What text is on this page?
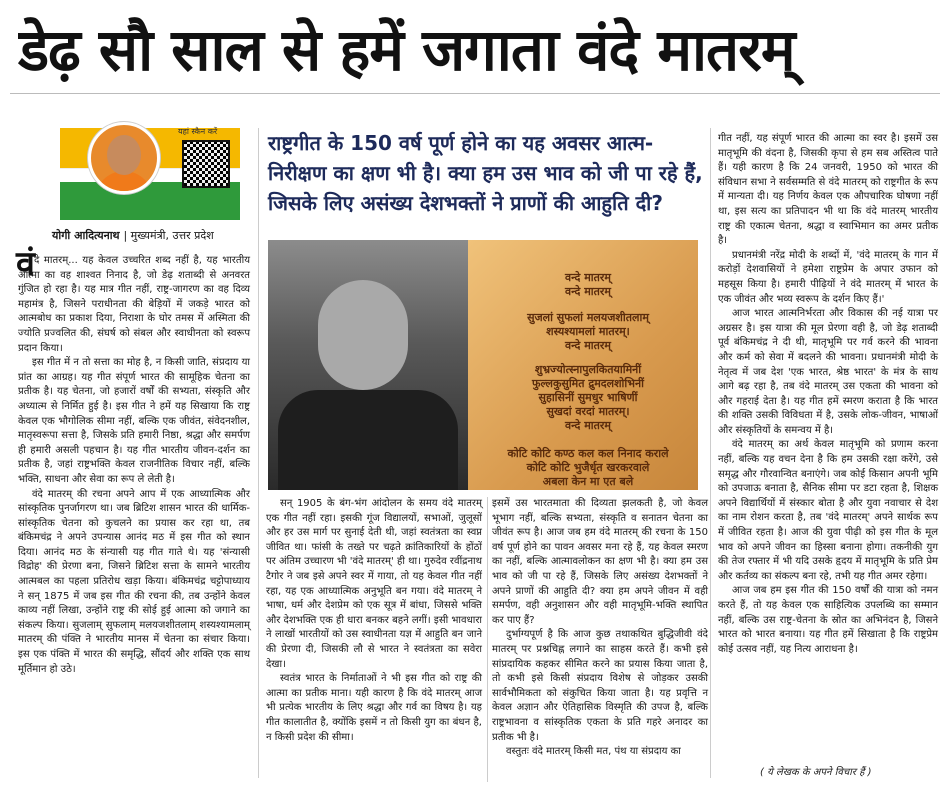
डेढ़ सौ साल से हमें जगाता वंदे मातरम्
यहां स्कैन करें
योगी आदित्यनाथ | मुख्यमंत्री, उत्तर प्रदेश
राष्ट्रगीत के 150 वर्ष पूर्ण होने का यह अवसर आत्म-निरीक्षण का क्षण भी है। क्या हम उस भाव को जी पा रहे हैं, जिसके लिए असंख्य देशभक्तों ने प्राणों की आहुति दी?
वन्दे मातरम्
वन्दे मातरम्
सुजलां सुफलां मलयजशीतलाम्
शस्यश्यामलां मातरम्।
वन्दे मातरम्
शुभ्रज्योत्स्नापुलकितयामिनीं
फुल्लकुसुमित द्रुमदलशोभिनीं
सुहासिनीं सुमधुर भाषिणीं
सुखदां वरदां मातरम्।
वन्दे मातरम्
कोटि कोटि कण्ठ कल कल निनाद कराले
कोटि कोटि भुजैर्धृत खरकरवाले
अबला केन मा एत बले
वं दे मातरम्... यह केवल उच्चरित शब्द नहीं है, यह भारतीय आत्मा का वह शाश्वत निनाद है, जो डेढ़ शताब्दी से अनवरत गुंजित हो रहा है। यह मात्र गीत नहीं, राष्ट्र-जागरण का वह दिव्य महामंत्र है, जिसने पराधीनता की बेड़ियों में जकड़े भारत को आत्मबोध का प्रकाश दिया, निराशा के घोर तमस में अस्मिता की ज्योति प्रज्वलित की, संघर्ष को संबल और स्वाधीनता को स्वरूप प्रदान किया।

इस गीत में न तो सत्ता का मोह है, न किसी जाति, संप्रदाय या प्रांत का आग्रह। यह गीत संपूर्ण भारत की सामूहिक चेतना का प्रतीक है। यह चेतना, जो हजारों वर्षों की सभ्यता, संस्कृति और अध्यात्म से निर्मित हुई है। इस गीत ने हमें यह सिखाया कि राष्ट्र केवल एक भौगोलिक सीमा नहीं, बल्कि एक जीवंत, संवेदनशील, मातृस्वरूपा सत्ता है, जिसके प्रति हमारी निष्ठा, श्रद्धा और समर्पण ही हमारी असली पहचान है। यह गीत भारतीय जीवन-दर्शन का प्रतीक है, जहां राष्ट्रभक्ति केवल राजनीतिक विचार नहीं, बल्कि भक्ति, साधना और सेवा का रूप ले लेती है।

वंदे मातरम् की रचना अपने आप में एक आध्यात्मिक और सांस्कृतिक पुनर्जागरण था। जब ब्रिटिश शासन भारत की धार्मिक-सांस्कृतिक चेतना को कुचलने का प्रयास कर रहा था, तब बंकिमचंद्र ने अपने उपन्यास आनंद मठ में इस गीत को स्थान दिया। आनंद मठ के संन्यासी यह गीत गाते थे। यह 'संन्यासी विद्रोह' की प्रेरणा बना, जिसने ब्रिटिश सत्ता के सामने भारतीय आत्मबल का पहला प्रतिरोध खड़ा किया। बंकिमचंद्र चट्टोपाध्याय ने सन् 1875 में जब इस गीत की रचना की, तब उन्होंने केवल काव्य नहीं लिखा, उन्होंने राष्ट्र की सोई हुई आत्मा को जगाने का संकल्प किया। सुजलाम् सुफलाम् मलयजशीतलाम् शस्यश्यामलाम् मातरम् की पंक्ति ने भारतीय मानस में चेतना का संचार किया। इस एक पंक्ति में भारत की समृद्धि, सौंदर्य और शक्ति एक साथ मूर्तिमान हो उठे।

सन् 1905 के बंग-भंग आंदोलन के समय वंदे मातरम् एक गीत नहीं रहा। इसकी गूंज विद्यालयों, सभाओं, जुलूसों और हर उस मार्ग पर सुनाई देती थी, जहां स्वतंत्रता का स्वप्न जीवित था। फांसी के तख्ते पर चढ़ते क्रांतिकारियों के होंठों पर अंतिम उच्चारण भी 'वंदे मातरम्' ही था। गुरुदेव रवींद्रनाथ टैगोर ने जब इसे अपने स्वर में गाया, तो यह केवल गीत नहीं रहा, यह एक आध्यात्मिक अनुभूति बन गया। वंदे मातरम् ने भाषा, धर्म और देशप्रेम को एक सूत्र में बांधा, जिससे भक्ति और देशभक्ति एक ही धारा बनकर बहने लगीं। इसी भावधारा ने लाखों भारतीयों को उस स्वाधीनता यज्ञ में आहुति बन जाने की प्रेरणा दी, जिसकी लौ से भारत ने स्वतंत्रता का सवेरा देखा।

स्वतंत्र भारत के निर्माताओं ने भी इस गीत को राष्ट्र की आत्मा का प्रतीक माना। यही कारण है कि वंदे मातरम् आज भी प्रत्येक भारतीय के लिए श्रद्धा और गर्व का विषय है। यह गीत कालातीत है, क्योंकि इसमें न तो किसी युग का बंधन है, न किसी प्रदेश की सीमा।

इसमें उस भारतमाता की दिव्यता झलकती है, जो केवल भूभाग नहीं, बल्कि सभ्यता, संस्कृति व सनातन चेतना का जीवंत रूप है। आज जब हम वंदे मातरम् की रचना के 150 वर्ष पूर्ण होने का पावन अवसर मना रहे हैं, यह केवल स्मरण का नहीं, बल्कि आत्मावलोकन का क्षण भी है। क्या हम उस भाव को जी पा रहे हैं, जिसके लिए असंख्य देशभक्तों ने अपने प्राणों की आहुति दी? क्या हम अपने जीवन में वही समर्पण, वही अनुशासन और वही मातृभूमि-भक्ति स्थापित कर पाए हैं?

दुर्भाग्यपूर्ण है कि आज कुछ तथाकथित बुद्धिजीवी वंदे मातरम् पर प्रश्नचिह्न लगाने का साहस करते हैं। कभी इसे सांप्रदायिक कहकर सीमित करने का प्रयास किया जाता है, तो कभी इसे किसी संप्रदाय विशेष से जोड़कर उसकी सार्वभौमिकता को संकुचित किया जाता है। यह प्रवृत्ति न केवल अज्ञान और ऐतिहासिक विस्मृति की उपज है, बल्कि राष्ट्रभावना व सांस्कृतिक एकता के प्रति गहरे अनादर का प्रतीक भी है।

वस्तुतः वंदे मातरम् किसी मत, पंथ या संप्रदाय का

गीत नहीं, यह संपूर्ण भारत की आत्मा का स्वर है। इसमें उस मातृभूमि की वंदना है, जिसकी कृपा से हम सब अस्तित्व पाते हैं। यही कारण है कि 24 जनवरी, 1950 को भारत की संविधान सभा ने सर्वसम्मति से वंदे मातरम् को राष्ट्रगीत के रूप में मान्यता दी। यह निर्णय केवल एक औपचारिक घोषणा नहीं था, इस सत्य का प्रतिपादन भी था कि वंदे मातरम् भारतीय राष्ट्र की एकात्म चेतना, श्रद्धा व स्वाभिमान का अमर प्रतीक है।

प्रधानमंत्री नरेंद्र मोदी के शब्दों में, 'वंदे मातरम् के गान में करोड़ों देशवासियों ने हमेशा राष्ट्रप्रेम के अपार उफान को महसूस किया है। हमारी पीढ़ियों ने वंदे मातरम् में भारत के एक जीवंत और भव्य स्वरूप के दर्शन किए हैं।'

आज भारत आत्मनिर्भरता और विकास की नई यात्रा पर अग्रसर है। इस यात्रा की मूल प्रेरणा वही है, जो डेढ़ शताब्दी पूर्व बंकिमचंद्र ने दी थी, मातृभूमि पर गर्व करने की भावना और कर्म को सेवा में बदलने की भावना। प्रधानमंत्री मोदी के नेतृत्व में जब देश 'एक भारत, श्रेष्ठ भारत' के मंत्र के साथ आगे बढ़ रहा है, तब वंदे मातरम् उस एकता की भावना को और गहराई देता है। यह गीत हमें स्मरण कराता है कि भारत की शक्ति उसकी विविधता में है, उसके लोक-जीवन, भाषाओं और संस्कृतियों के समन्वय में है।

वंदे मातरम् का अर्थ केवल मातृभूमि को प्रणाम करना नहीं, बल्कि यह वचन देना है कि हम उसकी रक्षा करेंगे, उसे समृद्ध और गौरवान्वित बनाएंगे। जब कोई किसान अपनी भूमि को उपजाऊ बनाता है, सैनिक सीमा पर डटा रहता है, शिक्षक अपने विद्यार्थियों में संस्कार बोता है और युवा नवाचार से देश का नाम रोशन करता है, तब 'वंदे मातरम्' अपने सार्थक रूप में जीवित रहता है। आज की युवा पीढ़ी को इस गीत के मूल भाव को अपने जीवन का हिस्सा बनाना होगा। तकनीकी युग की तेज रफ्तार में भी यदि उसके हृदय में मातृभूमि के प्रति प्रेम और कर्तव्य का संकल्प बना रहे, तभी यह गीत अमर रहेगा।

आज जब हम इस गीत की 150 वर्षों की यात्रा को नमन करते हैं, तो यह केवल एक साहित्यिक उपलब्धि का सम्मान नहीं, बल्कि उस राष्ट्र-चेतना के स्रोत का अभिनंदन है, जिसने भारत को भारत बनाया। यह गीत हमें सिखाता है कि राष्ट्रप्रेम कोई उत्सव नहीं, यह नित्य आराधना है।

( ये लेखक के अपने विचार हैं )
